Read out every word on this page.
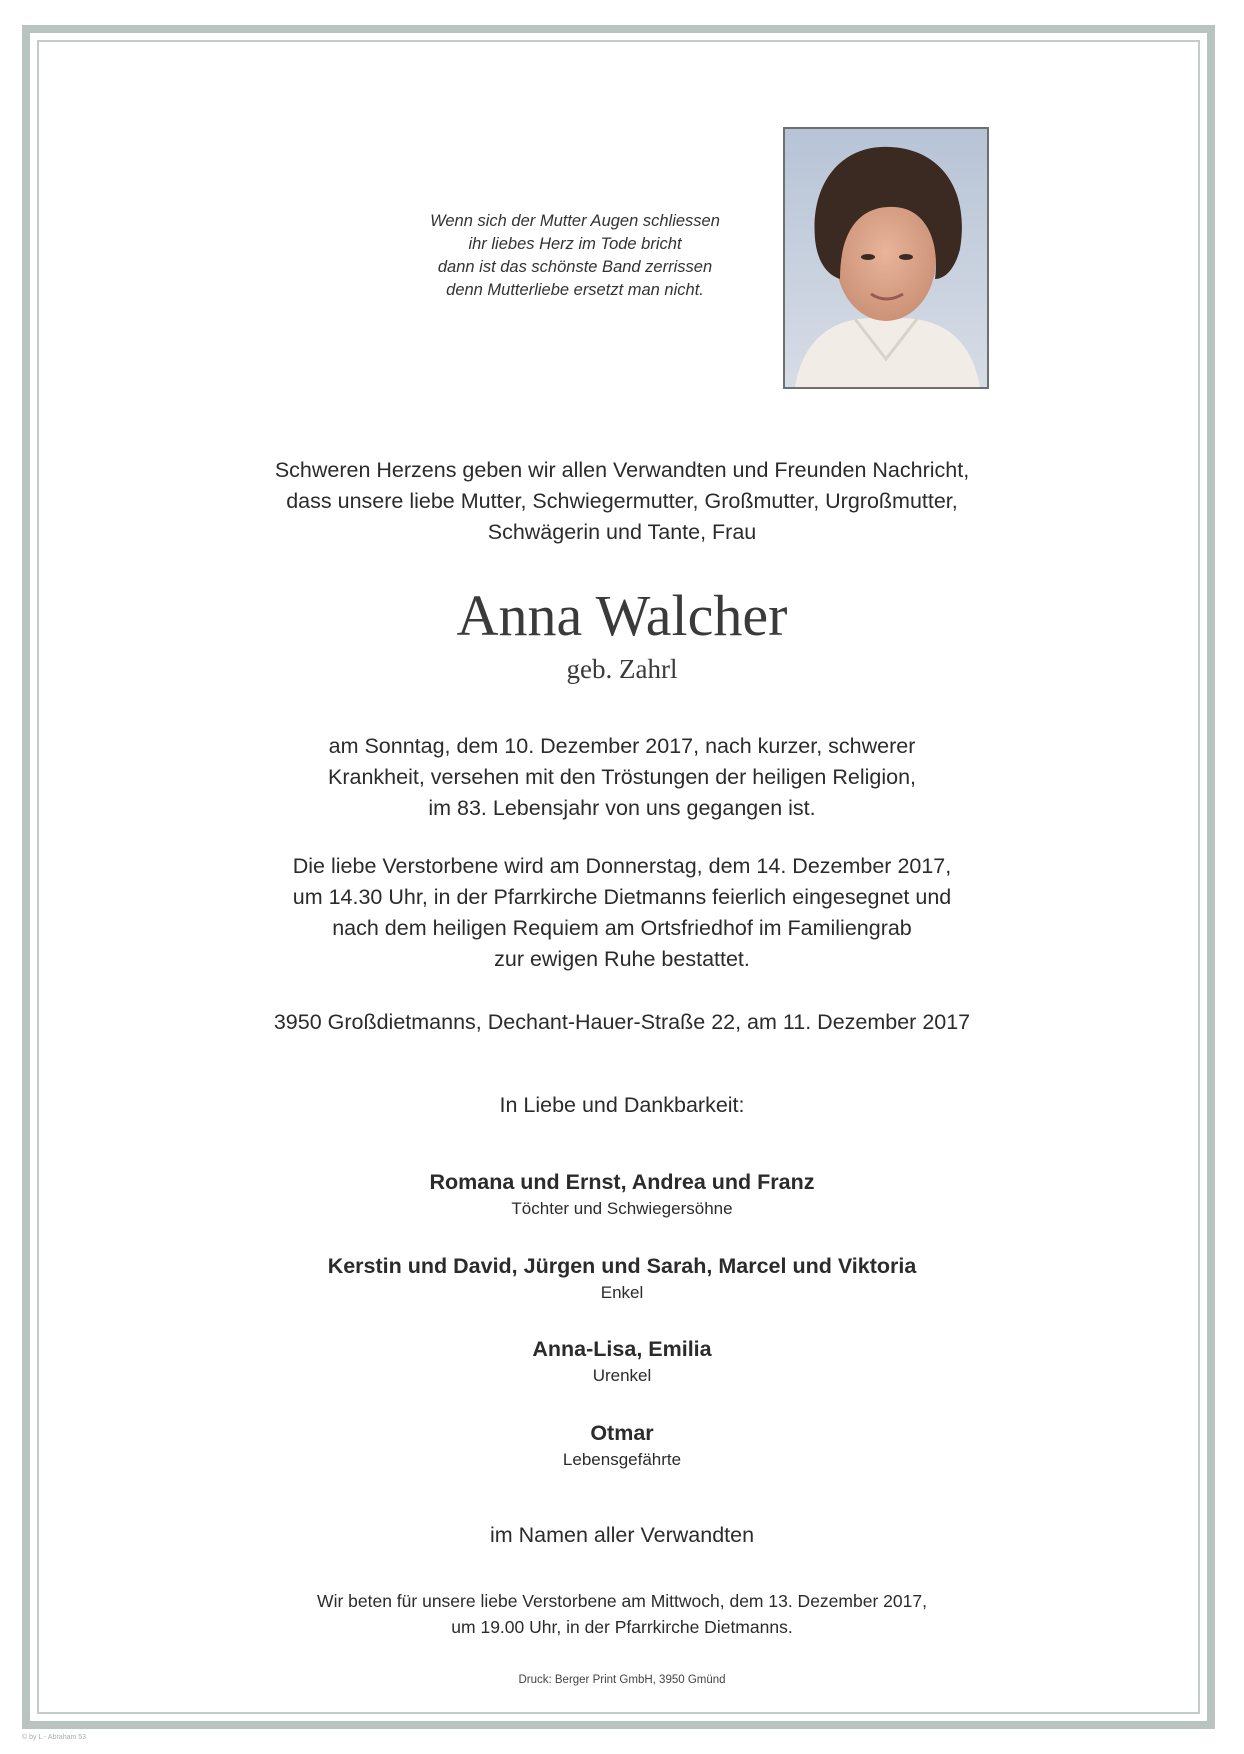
Wenn sich der Mutter Augen schliessen
ihr liebes Herz im Tode bricht
dann ist das schönste Band zerrissen
denn Mutterliebe ersetzt man nicht.
Schweren Herzens geben wir allen Verwandten und Freunden Nachricht,
dass unsere liebe Mutter, Schwiegermutter, Großmutter, Urgroßmutter,
Schwägerin und Tante, Frau
Anna Walcher
geb. Zahrl
am Sonntag, dem 10. Dezember 2017, nach kurzer, schwerer
Krankheit, versehen mit den Tröstungen der heiligen Religion,
im 83. Lebensjahr von uns gegangen ist.
Die liebe Verstorbene wird am Donnerstag, dem 14. Dezember 2017,
um 14.30 Uhr, in der Pfarrkirche Dietmanns feierlich eingesegnet und
nach dem heiligen Requiem am Ortsfriedhof im Familiengrab
zur ewigen Ruhe bestattet.
3950 Großdietmanns, Dechant-Hauer-Straße 22, am 11. Dezember 2017
In Liebe und Dankbarkeit:
Romana und Ernst, Andrea und Franz
Töchter und Schwiegersöhne
Kerstin und David, Jürgen und Sarah, Marcel und Viktoria
Enkel
Anna-Lisa, Emilia
Urenkel
Otmar
Lebensgefährte
im Namen aller Verwandten
Wir beten für unsere liebe Verstorbene am Mittwoch, dem 13. Dezember 2017,
um 19.00 Uhr, in der Pfarrkirche Dietmanns.
Druck: Berger Print GmbH, 3950 Gmünd
© by L - Abraham 53
